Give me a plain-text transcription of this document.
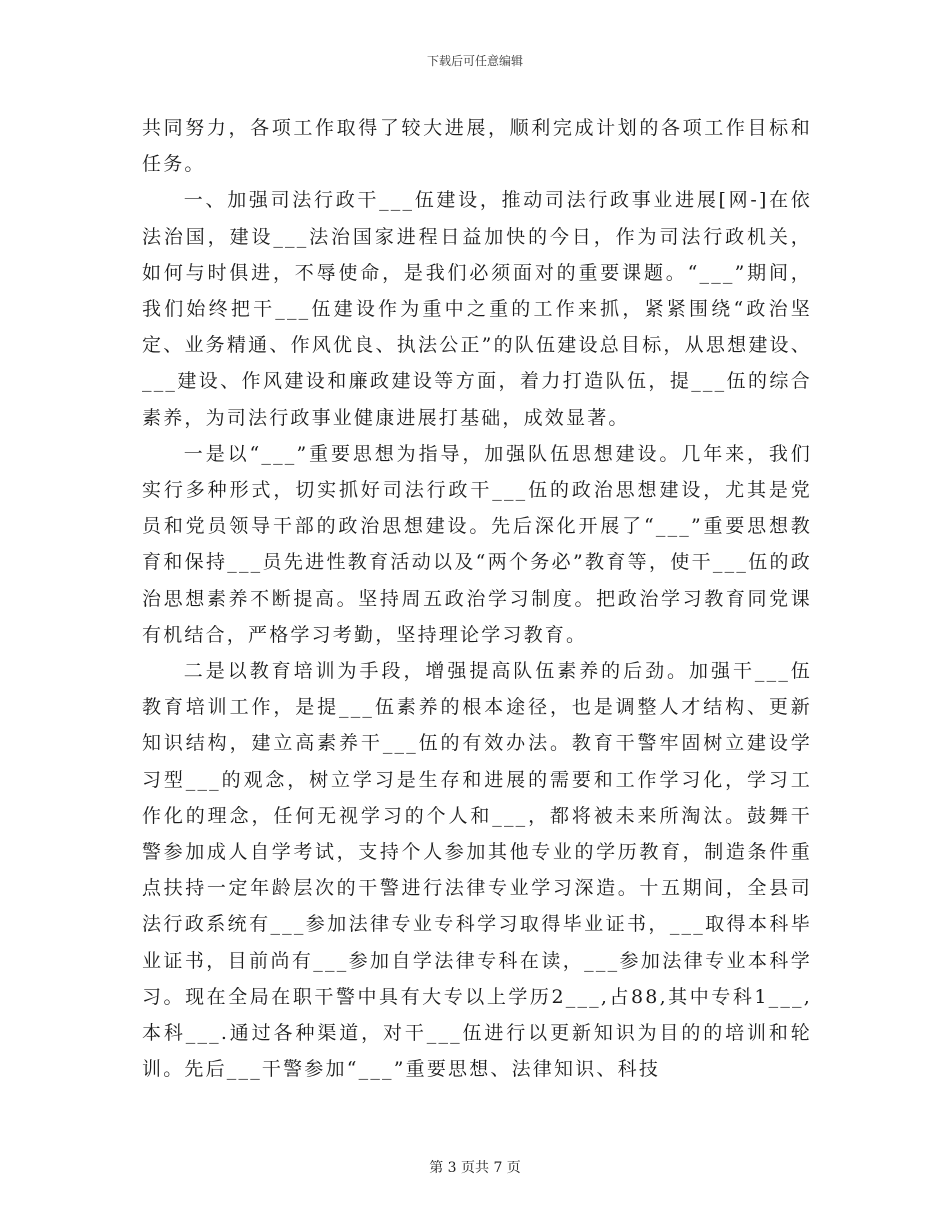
下载后可任意编辑

共同努力，各项工作取得了较大进展，顺利完成计划的各项工作目标和任务。

一、加强司法行政干___伍建设，推动司法行政事业进展[网-]在依法治国，建设___法治国家进程日益加快的今日，作为司法行政机关，如何与时俱进，不辱使命，是我们必须面对的重要课题。“___”期间，我们始终把干___伍建设作为重中之重的工作来抓，紧紧围绕“政治坚定、业务精通、作风优良、执法公正”的队伍建设总目标，从思想建设、___建设、作风建设和廉政建设等方面，着力打造队伍，提___伍的综合素养，为司法行政事业健康进展打基础，成效显著。

一是以“___”重要思想为指导，加强队伍思想建设。几年来，我们实行多种形式，切实抓好司法行政干___伍的政治思想建设，尤其是党员和党员领导干部的政治思想建设。先后深化开展了“___”重要思想教育和保持___员先进性教育活动以及“两个务必”教育等，使干___伍的政治思想素养不断提高。坚持周五政治学习制度。把政治学习教育同党课有机结合，严格学习考勤，坚持理论学习教育。

二是以教育培训为手段，增强提高队伍素养的后劲。加强干___伍教育培训工作，是提___伍素养的根本途径，也是调整人才结构、更新知识结构，建立高素养干___伍的有效办法。教育干警牢固树立建设学习型___的观念，树立学习是生存和进展的需要和工作学习化，学习工作化的理念，任何无视学习的个人和___，都将被未来所淘汰。鼓舞干警参加成人自学考试，支持个人参加其他专业的学历教育，制造条件重点扶持一定年龄层次的干警进行法律专业学习深造。十五期间，全县司法行政系统有___参加法律专业专科学习取得毕业证书，___取得本科毕业证书，目前尚有___参加自学法律专科在读，___参加法律专业本科学习。现在全局在职干警中具有大专以上学历2___,占88,其中专科1___,本科___.通过各种渠道，对干___伍进行以更新知识为目的的培训和轮训。先后___干警参加“___”重要思想、法律知识、科技

第 3 页共 7 页
